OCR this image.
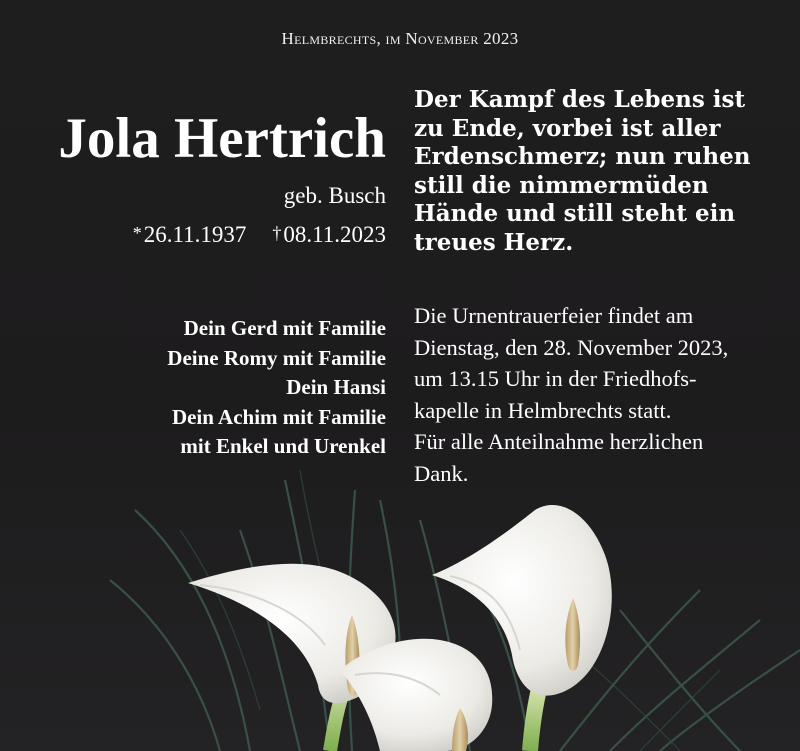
Helmbrechts, im November 2023
Jola Hertrich
geb. Busch
*26.11.1937 †08.11.2023
Dein Gerd mit Familie
Deine Romy mit Familie
Dein Hansi
Dein Achim mit Familie
mit Enkel und Urenkel
Der Kampf des Lebens ist
zu Ende, vorbei ist aller
Erdenschmerz; nun ruhen
still die nimmermüden
Hände und still steht ein
treues Herz.
Die Urnentrauerfeier findet am
Dienstag, den 28. November 2023,
um 13.15 Uhr in der Friedhofs-
kapelle in Helmbrechts statt.
Für alle Anteilnahme herzlichen
Dank.
